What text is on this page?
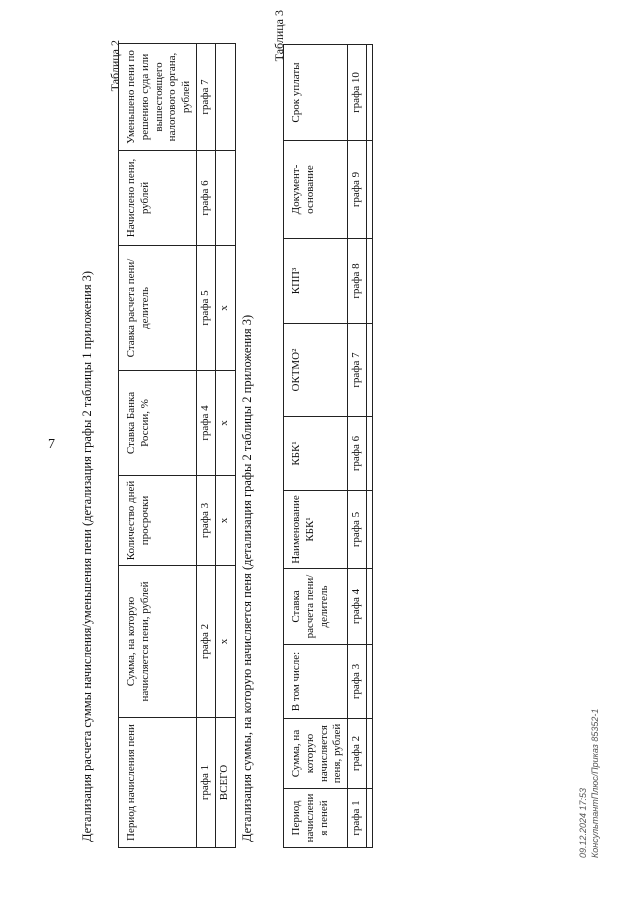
7 Детализация расчета суммы начисления/уменьшения пени (детализация графы 2 таблицы 1 приложения 3)
Таблица 2
Период начисления пени	Сумма, на которую начисляется пени, рублей	Количество дней просрочки	Ставка Банка России, %	Ставка расчета пени/делитель	Начислено пени, рублей	Уменьшено пени по решению суда или вышестоящего налогового органа, рублей
графа 1	графа 2	графа 3	графа 4	графа 5	графа 6	графа 7
ВСЕГО	х	х	х	х		
Детализация суммы, на которую начисляется пеня (детализация графы 2 таблицы 2 приложения 3)
Таблица 3
Период начисления пеней	Сумма, на которую начисляется пеня, рублей	В том числе:	Ставка расчета пени/делитель	Наименование КБК¹	КБК¹	ОКТМО²	КПП³	Документ-основание	Срок уплаты
графа 1	графа 2	графа 3	графа 4	графа 5	графа 6	графа 7	графа 8	графа 9	графа 10

09.12.2024 17:53 КонсультантПлюс/Приказ 85352-1
